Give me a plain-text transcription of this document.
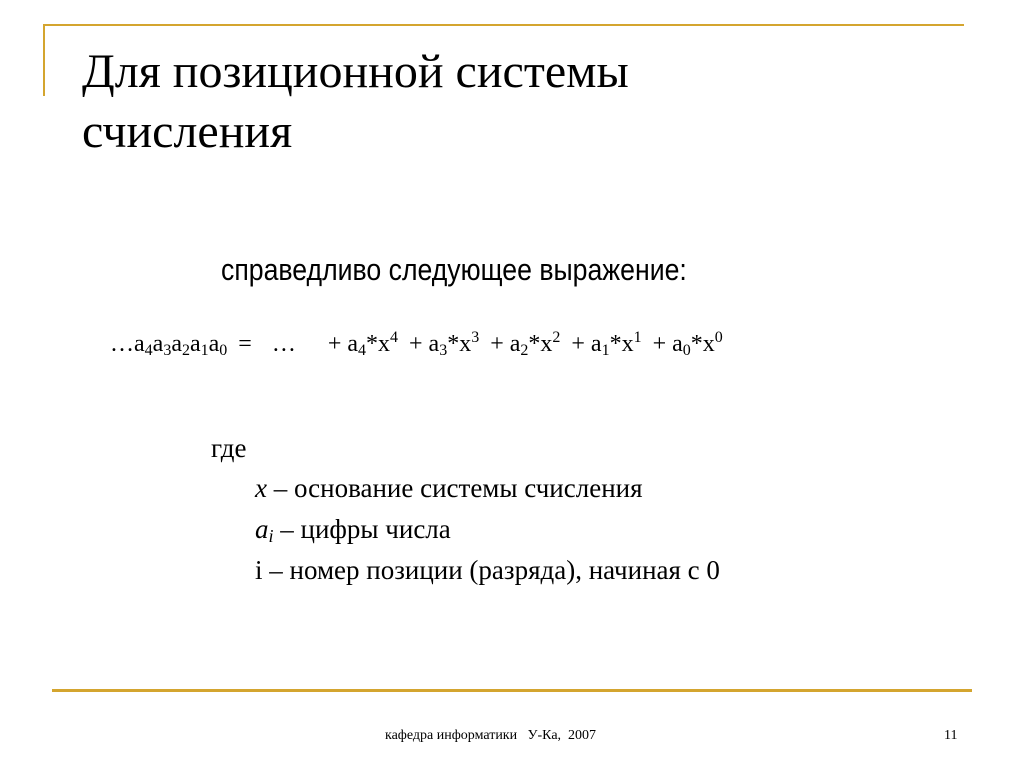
Для позиционной системы
счисления

справедливо следующее выражение:

$\dots a_4a_3a_2a_1a_0$ = … + $a_4*x^4 + a_3*x^3 + a_2*x^2 + a_1*x^1 + a_0*x^0$
где
x – основание системы счисления
$a_i$ – цифры числа
i – номер позиции (разряда), начиная с 0
кафедра информатики   У-Ка,  2007	11
